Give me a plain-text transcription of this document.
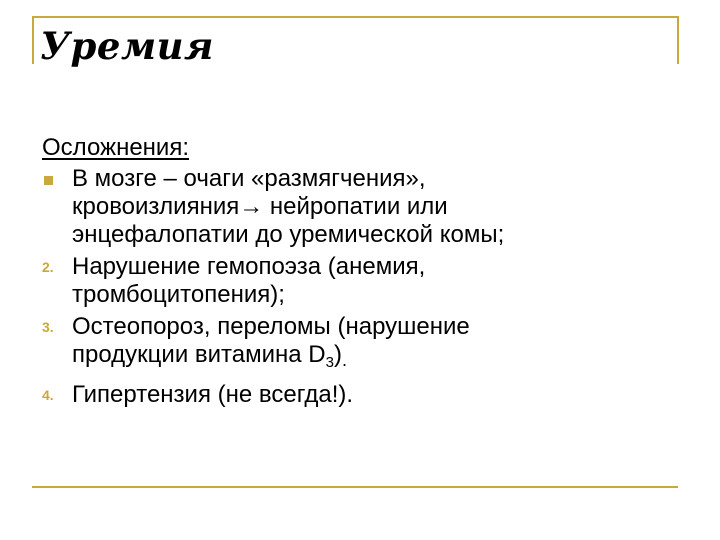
Уремия
Осложнения:
В мозге – очаги «размягчения»,
кровоизлияния→ нейропатии или
энцефалопатии до уремической комы;
2. Нарушение гемопоэза (анемия,
тромбоцитопения);
3. Остеопороз, переломы (нарушение
продукции витамина $D_3$).
4. Гипертензия (не всегда!).
